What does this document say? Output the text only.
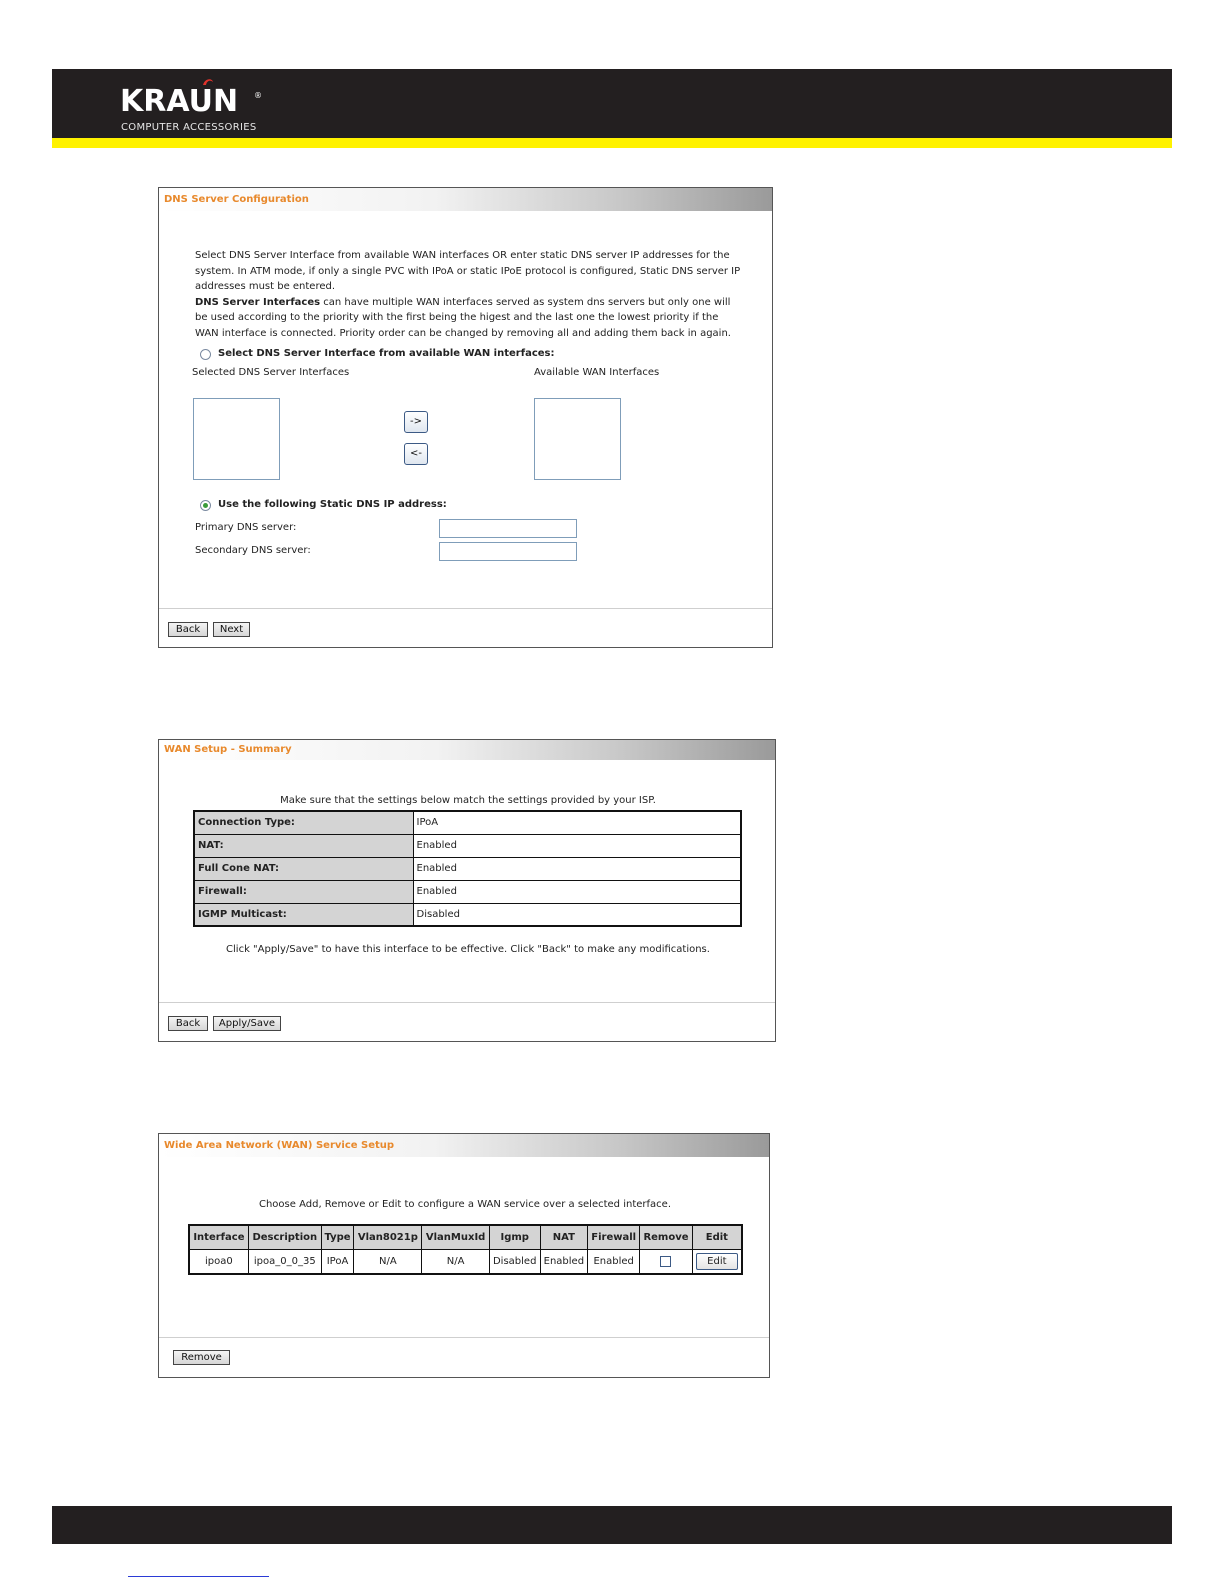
KRAUN ®
COMPUTER ACCESSORIES
DNS Server Configuration
Select DNS Server Interface from available WAN interfaces OR enter static DNS server IP addresses for the system. In ATM mode, if only a single PVC with IPoA or static IPoE protocol is configured, Static DNS server IP addresses must be entered.
DNS Server Interfaces can have multiple WAN interfaces served as system dns servers but only one will be used according to the priority with the first being the higest and the last one the lowest priority if the WAN interface is connected. Priority order can be changed by removing all and adding them back in again.
Select DNS Server Interface from available WAN interfaces:
Selected DNS Server Interfaces	Available WAN Interfaces
->
<-
Use the following Static DNS IP address:
Primary DNS server:
Secondary DNS server:
Back	Next
WAN Setup - Summary
Make sure that the settings below match the settings provided by your ISP.
Connection Type:	IPoA
NAT:	Enabled
Full Cone NAT:	Enabled
Firewall:	Enabled
IGMP Multicast:	Disabled
Click "Apply/Save" to have this interface to be effective. Click "Back" to make any modifications.
Back	Apply/Save
Wide Area Network (WAN) Service Setup
Choose Add, Remove or Edit to configure a WAN service over a selected interface.
Interface	Description	Type	Vlan8021p	VlanMuxId	Igmp	NAT	Firewall	Remove	Edit
ipoa0	ipoa_0_0_35	IPoA	N/A	N/A	Disabled	Enabled	Enabled		Edit
Remove
